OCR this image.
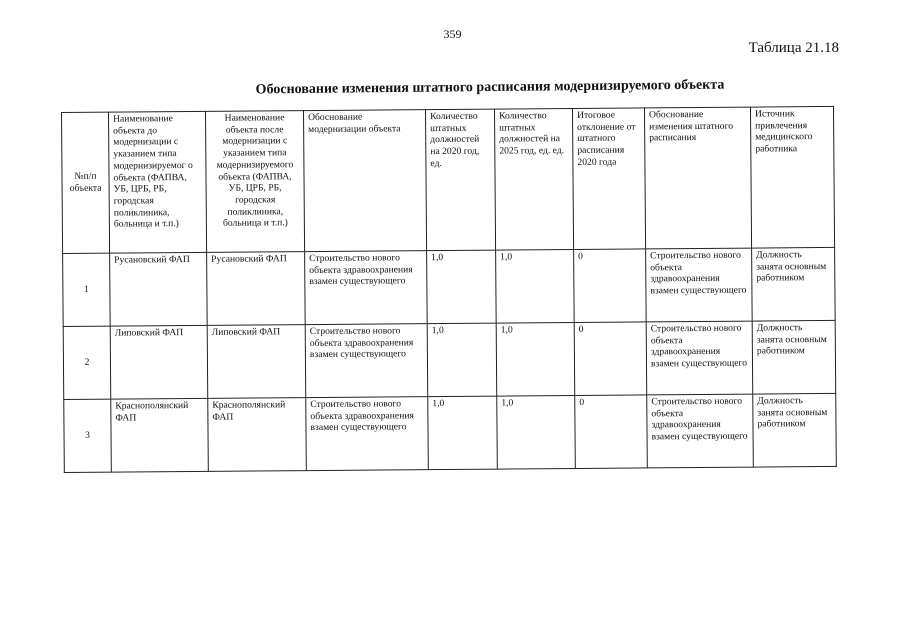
359
Таблица 21.18
Обоснование изменения штатного расписания модернизируемого объекта
№п/п объекта	Наименование объекта до модернизации с указанием типа модернизируемог о объекта (ФАПВА, УБ, ЦРБ, РБ, городская поликлиника, больница и т.п.)	Наименование объекта после модернизации с указанием типа модернизируемого объекта (ФАПВА, УБ, ЦРБ, РБ, городская поликлиника, больница и т.п.)	Обоснование модернизации объекта	Количество штатных должностей на 2020 год, ед.	Количество штатных должностей на 2025 год, ед. ед.	Итоговое отклонение от штатного расписания 2020 года	Обоснование изменения штатного расписания	Источник привлечения медицинского работника
1	Русановский ФАП	Русановский ФАП	Строительство нового объекта здравоохранения взамен существующего	1,0	1,0	0	Строительство нового объекта здравоохранения взамен существующего	Должность занята основным работником
2	Липовский ФАП	Липовский ФАП	Строительство нового объекта здравоохранения взамен существующего	1,0	1,0	0	Строительство нового объекта здравоохранения взамен существующего	Должность занята основным работником
3	Краснополянский ФАП	Краснополянский ФАП	Строительство нового объекта здравоохранения взамен существующего	1,0	1,0	0	Строительство нового объекта здравоохранения взамен существующего	Должность занята основным работником
